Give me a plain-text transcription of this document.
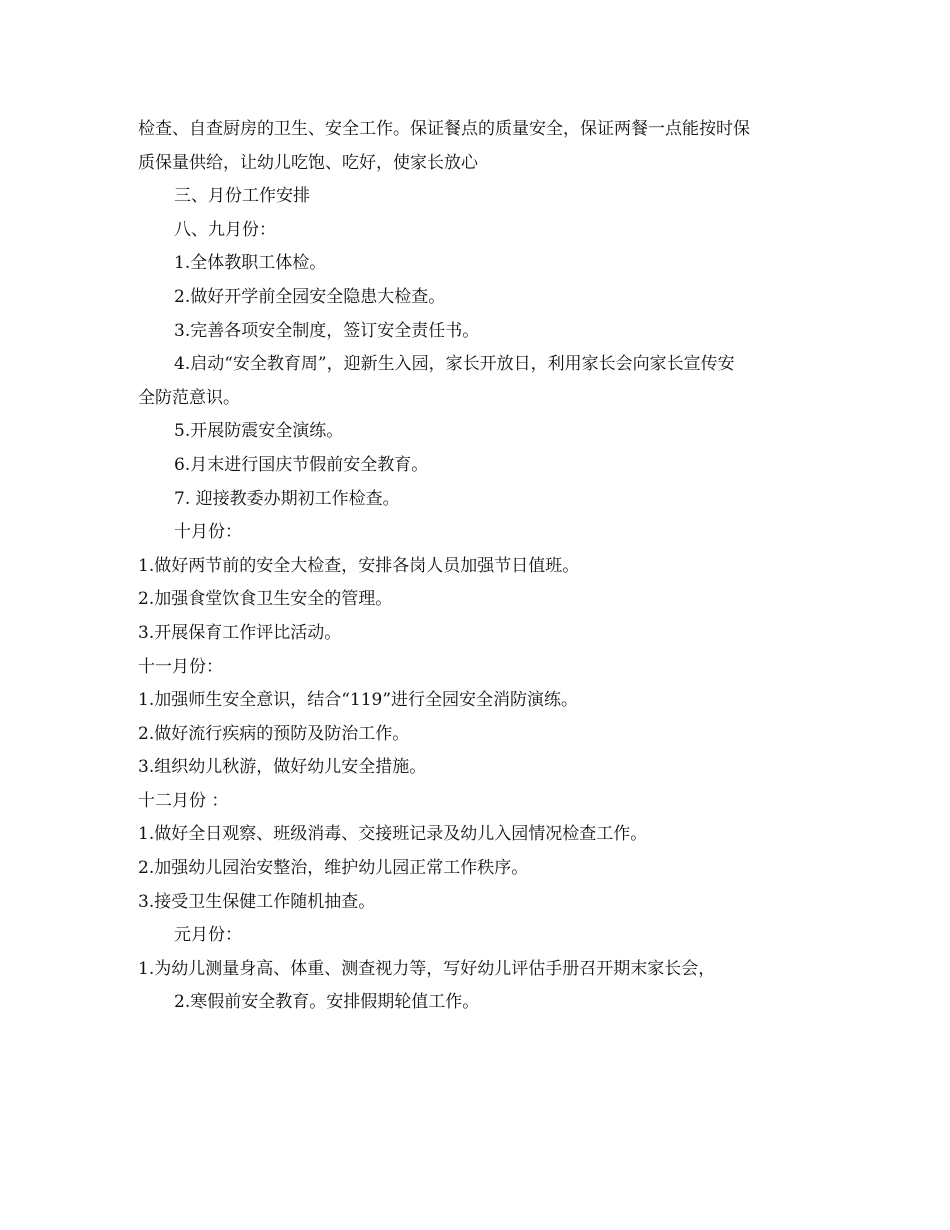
检查、自查厨房的卫生、安全工作。保证餐点的质量安全，保证两餐一点能按时保

质保量供给，让幼儿吃饱、吃好，使家长放心

三、月份工作安排

八、九月份：

1.全体教职工体检。

2.做好开学前全园安全隐患大检查。

3.完善各项安全制度，签订安全责任书。

4.启动“安全教育周”，迎新生入园，家长开放日，利用家长会向家长宣传安

全防范意识。

5.开展防震安全演练。

6.月末进行国庆节假前安全教育。

7. 迎接教委办期初工作检查。

十月份：

1.做好两节前的安全大检查，安排各岗人员加强节日值班。

2.加强食堂饮食卫生安全的管理。

3.开展保育工作评比活动。

十一月份：

1.加强师生安全意识，结合“119”进行全园安全消防演练。

2.做好流行疾病的预防及防治工作。

3.组织幼儿秋游，做好幼儿安全措施。

十二月份 ：

1.做好全日观察、班级消毒、交接班记录及幼儿入园情况检查工作。

2.加强幼儿园治安整治，维护幼儿园正常工作秩序。

3.接受卫生保健工作随机抽查。

元月份：

1.为幼儿测量身高、体重、测查视力等，写好幼儿评估手册召开期末家长会，

2.寒假前安全教育。安排假期轮值工作。
